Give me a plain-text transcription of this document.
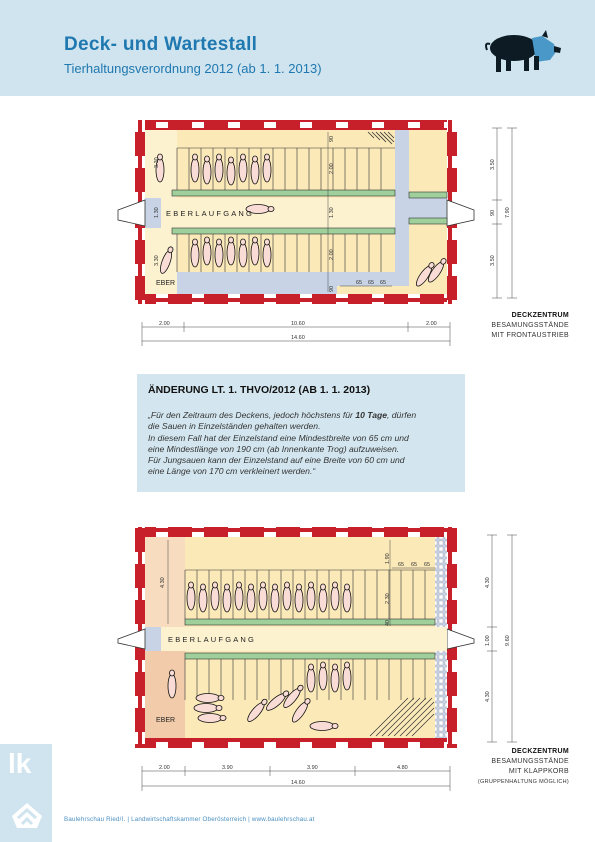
Deck- und Wartestall
Tierhaltungsverordnung 2012 (ab 1. 1. 2013)
EBERLAUFGANG
EBER
3.30
1.30
3.30
90
2.00
1.30
2.00
90
65 65 65
3.50
90
3.50
7.90
2.00	10.60	2.00
14.60
DECKZENTRUM
BESAMUNGSSTÄNDE
MIT FRONTAUSTRIEB
ÄNDERUNG LT. 1. THVO/2012 (AB 1. 1. 2013)
„Für den Zeitraum des Deckens, jedoch höchstens für 10 Tage, dürfen
die Sauen in Einzelständen gehalten werden.
In diesem Fall hat der Einzelstand eine Mindestbreite von 65 cm und
eine Mindestlänge von 190 cm (ab Innenkante Trog) aufzuweisen.
Für Jungsauen kann der Einzelstand auf eine Breite von 60 cm und
eine Länge von 170 cm verkleinert werden.“
EBERLAUFGANG
EBER
4.30
1.90
2.30
40
65 65 65
4.30
1.00
4.30
9.60
2.00	3.90	3.90	4.80
14.60
DECKZENTRUM
BESAMUNGSSTÄNDE
MIT KLAPPKORB
(GRUPPENHALTUNG MÖGLICH)
lk
Baulehrschau Ried/I. | Landwirtschaftskammer Oberösterreich | www.baulehrschau.at
